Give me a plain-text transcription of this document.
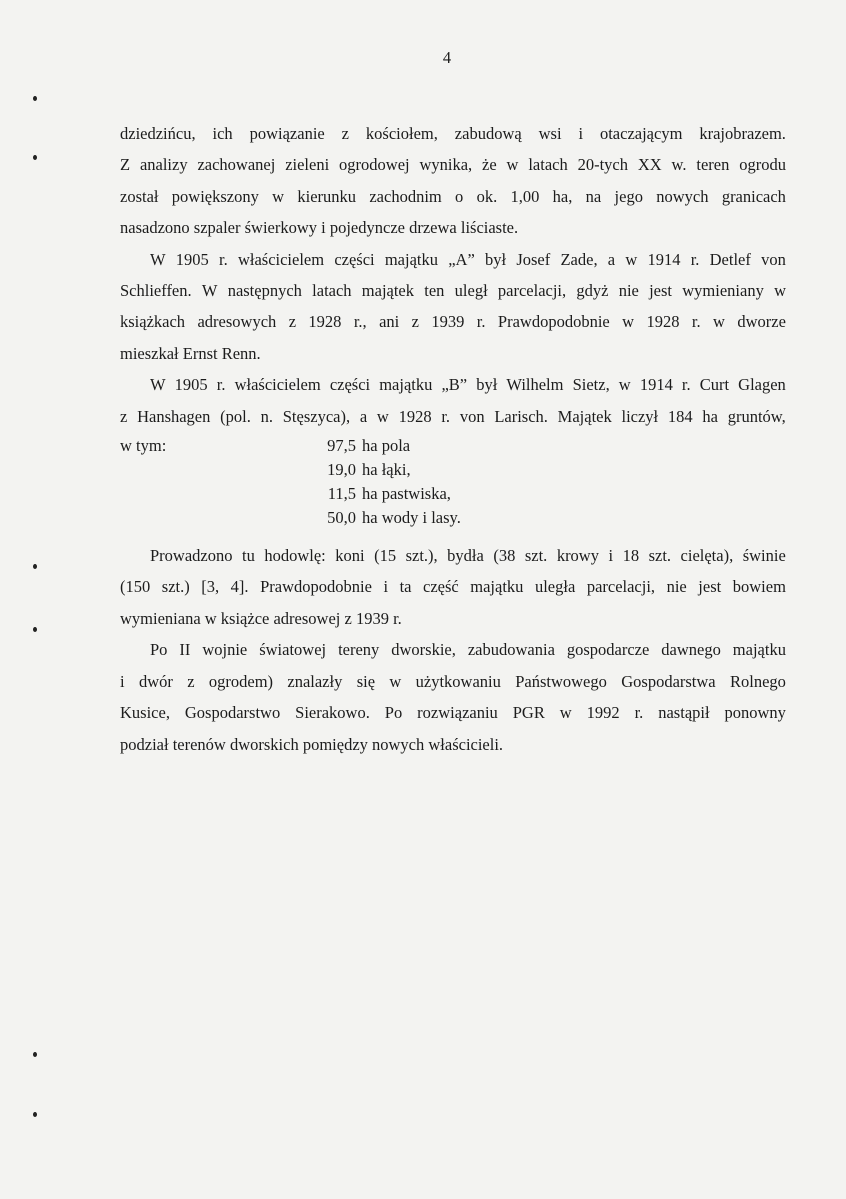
4

dziedzińcu, ich powiązanie z kościołem, zabudową wsi i otaczającym krajobrazem.
Z analizy zachowanej zieleni ogrodowej wynika, że w latach 20-tych XX w. teren ogrodu
został powiększony w kierunku zachodnim o ok. 1,00 ha, na jego nowych granicach
nasadzono szpaler świerkowy i pojedyncze drzewa liściaste.

W 1905 r. właścicielem części majątku „A” był Josef Zade, a w 1914 r. Detlef von
Schlieffen. W następnych latach majątek ten uległ parcelacji, gdyż nie jest wymieniany w
książkach adresowych z 1928 r., ani z 1939 r. Prawdopodobnie w 1928 r. w dworze
mieszkał Ernst Renn.

W 1905 r. właścicielem części majątku „B” był Wilhelm Sietz, w 1914 r. Curt Glagen
z Hanshagen (pol. n. Stęszyca), a w 1928 r. von Larisch. Majątek liczył 184 ha gruntów,

w tym:	97,5 ha pola
19,0 ha łąki,
11,5 ha pastwiska,
50,0 ha wody i lasy.

Prowadzono tu hodowlę: koni (15 szt.), bydła (38 szt. krowy i 18 szt. cielęta), świnie
(150 szt.) [3, 4]. Prawdopodobnie i ta część majątku uległa parcelacji, nie jest bowiem
wymieniana w książce adresowej z 1939 r.

Po II wojnie światowej tereny dworskie, zabudowania gospodarcze dawnego majątku
i dwór z ogrodem) znalazły się w użytkowaniu Państwowego Gospodarstwa Rolnego
Kusice, Gospodarstwo Sierakowo. Po rozwiązaniu PGR w 1992 r. nastąpił ponowny
podział terenów dworskich pomiędzy nowych właścicieli.
